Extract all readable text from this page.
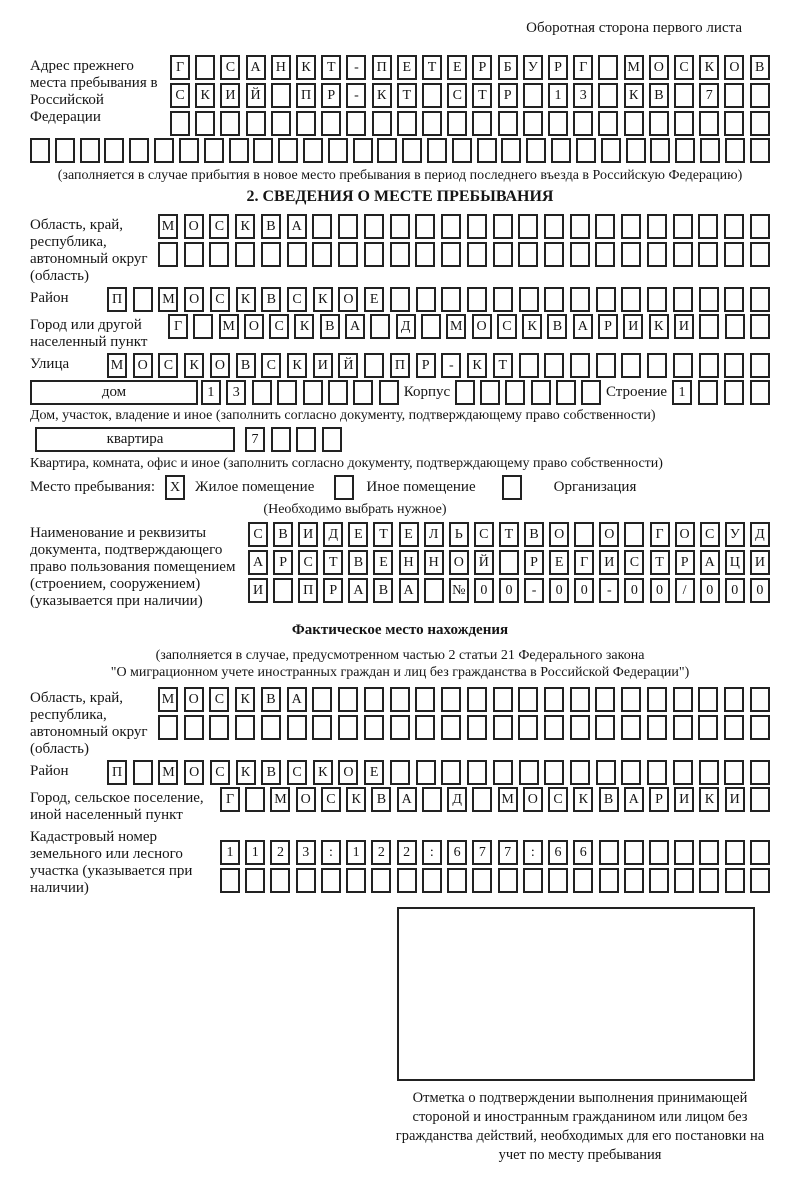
Оборотная сторона первого листа
Адрес прежнего места пребывания в Российской Федерации
Г	С	А	Н	К	Т	-	П	Е	Т	Е	Р	Б	У	Р	Г	М О	С	К	О	В
С	К	И	Й	П	Р	-	К	Т	С	Т	Р	1	3	К	В	7
(заполняется в случае прибытия в новое место пребывания в период последнего въезда в Российскую Федерацию)
2. СВЕДЕНИЯ О МЕСТЕ ПРЕБЫВАНИЯ
Область, край, республика, автономный округ (область)
М	О	С	К	В	А
Район	П	М	О	С	К	В	С	К	О	Е
Город или другой населенный пункт
Г	М	О	С	К	В	А	Д	М	О	С	К	В	А	Р	И	К	И
Улица	М	О	С	К	О	В	С	К	И	Й	П	Р	-	К	Т
дом	1	3	Корпус	Строение 1
Дом, участок, владение и иное (заполнить согласно документу, подтверждающему право собственности)
квартира	7
Квартира, комната, офис и иное (заполнить согласно документу, подтверждающему право собственности)
Место пребывания:	X Жилое помещение	Иное помещение	Организация
(Необходимо выбрать нужное)
Наименование и реквизиты документа, подтверждающего право пользования помещением (строением, сооружением) (указывается при наличии)
С	В	И	Д	Е	Т	Е	Л	Ь	С	Т	В	О	О	Г	О	С	У	Д
А	Р	С	Т	В	Е	Н	Н	О	Й	Р	Е	Г	И	С	Т	Р	А	Ц	И
И	П	Р	А	В	А	№	0	0	-	0	0	-	0	0	/	0	0	0
Фактическое место нахождения
(заполняется в случае, предусмотренном частью 2 статьи 21 Федерального закона
"О миграционном учете иностранных граждан и лиц без гражданства в Российской Федерации")
Область, край, республика, автономный округ (область)
М	О	С	К	В	А
Район	П	М	О	С	К	В	С	К	О	Е
Город, сельское поселение, иной населенный пункт
Г	М О	С	К	В	А	Д	М О	С	К	В	А	Р	И	К	И
Кадастровый номер земельного или лесного участка (указывается при наличии)
1	1	2	3	:	1	2	2	:	6	7	7	:	6	6
Отметка о подтверждении выполнения принимающей стороной и иностранным гражданином или лицом без гражданства действий, необходимых для его постановки на учет по месту пребывания
